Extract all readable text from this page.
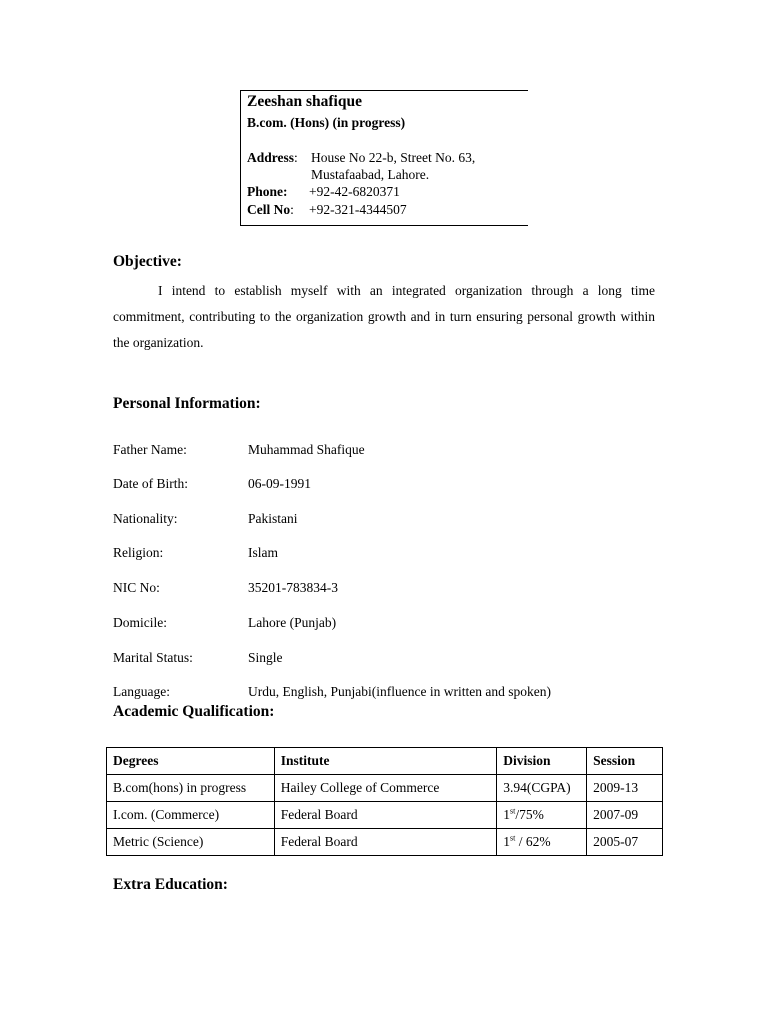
Zeeshan shafique
B.com. (Hons) (in progress)
Address: House No 22-b, Street No. 63,
Mustafaabad, Lahore.
Phone: +92-42-6820371
Cell No: +92-321-4344507
Objective:
I intend to establish myself with an integrated organization through a long time commitment, contributing to the organization growth and in turn ensuring personal growth within the organization.
Personal Information:
Father Name:	Muhammad Shafique
Date of Birth:	06-09-1991
Nationality:	Pakistani
Religion:	Islam
NIC No:	35201-783834-3
Domicile:	Lahore (Punjab)
Marital Status:	Single
Language:	Urdu, English, Punjabi(influence in written and spoken)
Academic Qualification:
Degrees	Institute	Division	Session
B.com(hons) in progress	Hailey College of Commerce	3.94(CGPA)	2009-13
I.com. (Commerce)	Federal Board	1st/75%	2007-09
Metric (Science)	Federal Board	1st / 62%	2005-07
Extra Education:
